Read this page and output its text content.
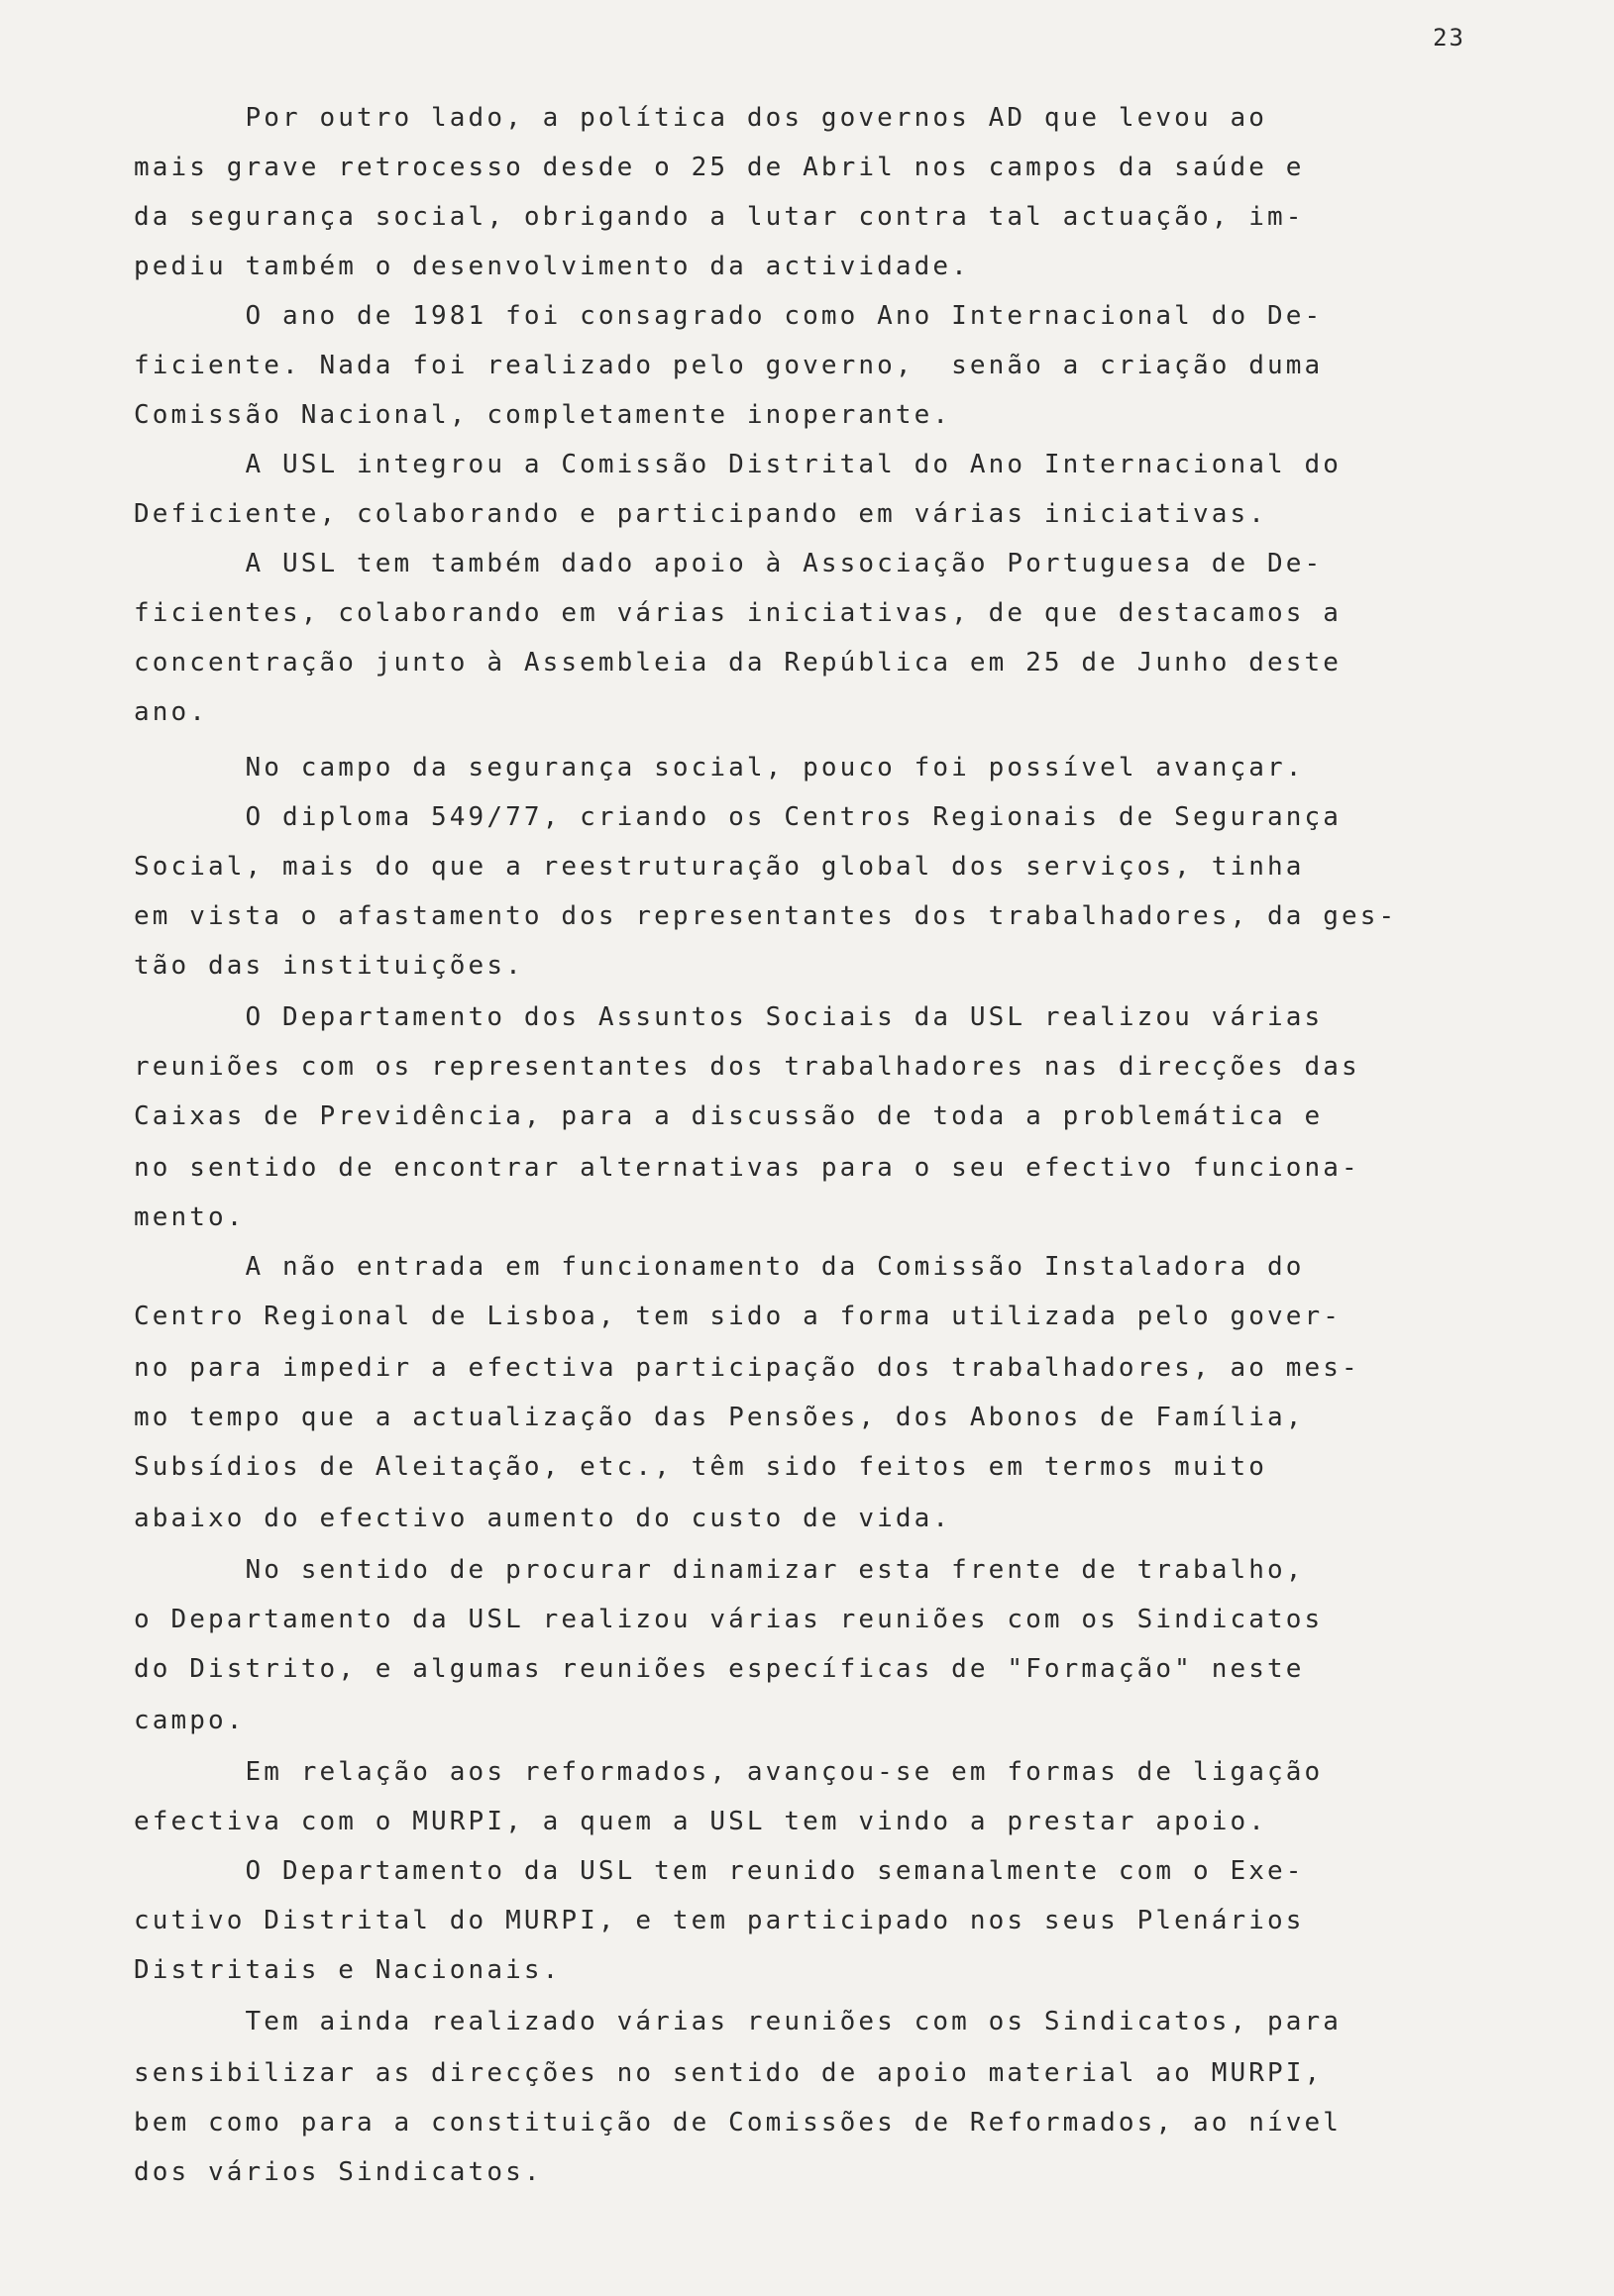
23
Por outro lado, a política dos governos AD que levou ao
mais grave retrocesso desde o 25 de Abril nos campos da saúde e
da segurança social, obrigando a lutar contra tal actuação, im-
pediu também o desenvolvimento da actividade.
O ano de 1981 foi consagrado como Ano Internacional do De-
ficiente. Nada foi realizado pelo governo,  senão a criação duma
Comissão Nacional, completamente inoperante.
A USL integrou a Comissão Distrital do Ano Internacional do
Deficiente, colaborando e participando em várias iniciativas.
A USL tem também dado apoio à Associação Portuguesa de De-
ficientes, colaborando em várias iniciativas, de que destacamos a
concentração junto à Assembleia da República em 25 de Junho deste
ano.
No campo da segurança social, pouco foi possível avançar.
O diploma 549/77, criando os Centros Regionais de Segurança
Social, mais do que a reestruturação global dos serviços, tinha
em vista o afastamento dos representantes dos trabalhadores, da ges-
tão das instituições.
O Departamento dos Assuntos Sociais da USL realizou várias
reuniões com os representantes dos trabalhadores nas direcções das
Caixas de Previdência, para a discussão de toda a problemática e
no sentido de encontrar alternativas para o seu efectivo funciona-
mento.
A não entrada em funcionamento da Comissão Instaladora do
Centro Regional de Lisboa, tem sido a forma utilizada pelo gover-
no para impedir a efectiva participação dos trabalhadores, ao mes-
mo tempo que a actualização das Pensões, dos Abonos de Família,
Subsídios de Aleitação, etc., têm sido feitos em termos muito
abaixo do efectivo aumento do custo de vida.
No sentido de procurar dinamizar esta frente de trabalho,
o Departamento da USL realizou várias reuniões com os Sindicatos
do Distrito, e algumas reuniões específicas de "Formação" neste
campo.
Em relação aos reformados, avançou-se em formas de ligação
efectiva com o MURPI, a quem a USL tem vindo a prestar apoio.
O Departamento da USL tem reunido semanalmente com o Exe-
cutivo Distrital do MURPI, e tem participado nos seus Plenários
Distritais e Nacionais.
Tem ainda realizado várias reuniões com os Sindicatos, para
sensibilizar as direcções no sentido de apoio material ao MURPI,
bem como para a constituição de Comissões de Reformados, ao nível
dos vários Sindicatos.
